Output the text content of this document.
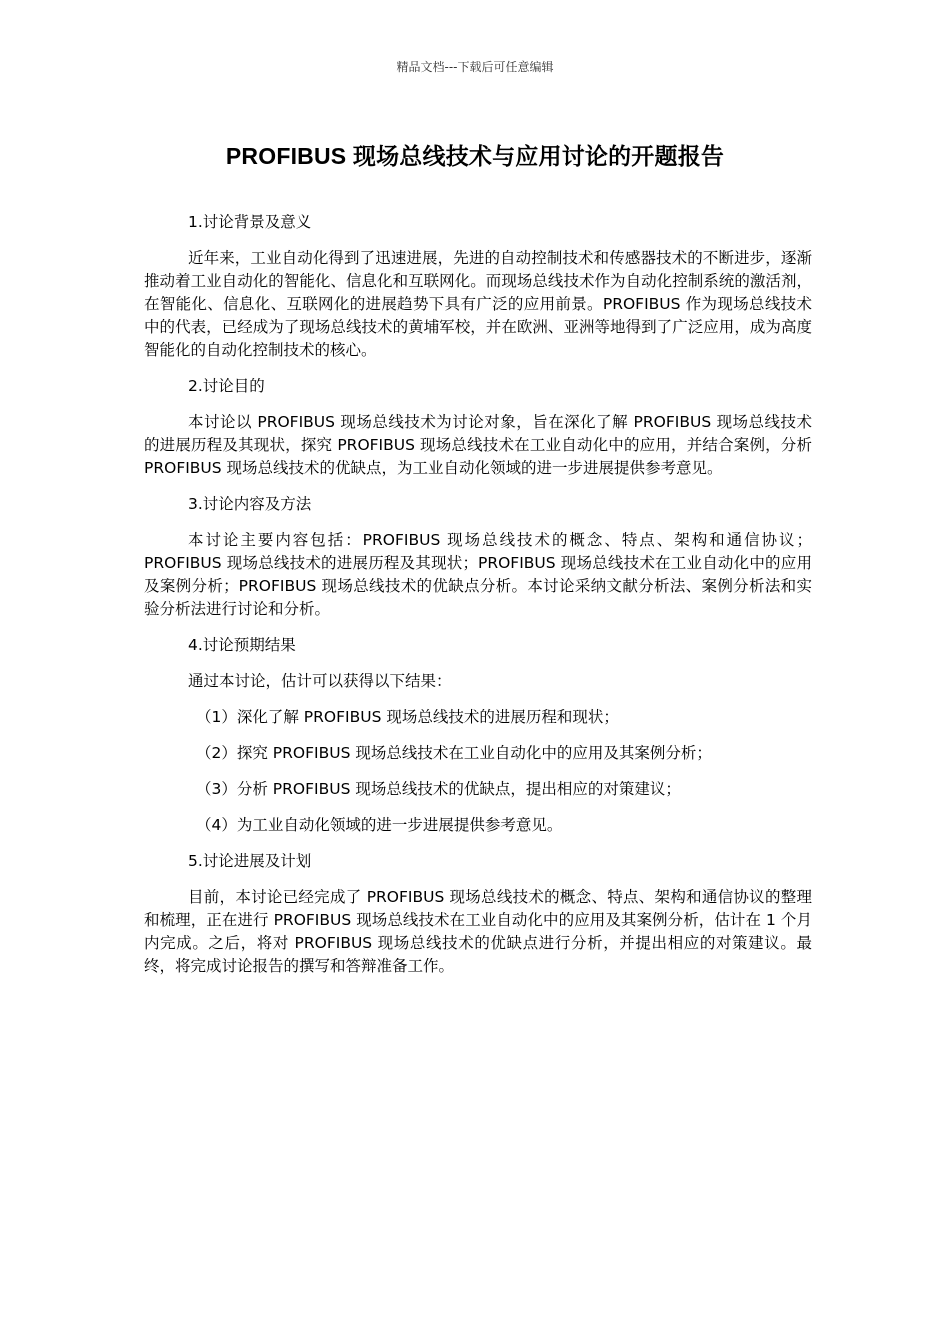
精品文档---下载后可任意编辑
PROFIBUS 现场总线技术与应用讨论的开题报告

1.讨论背景及意义

近年来，工业自动化得到了迅速进展，先进的自动控制技术和传感器技术的不断进步，逐渐推动着工业自动化的智能化、信息化和互联网化。而现场总线技术作为自动化控制系统的激活剂，在智能化、信息化、互联网化的进展趋势下具有广泛的应用前景。PROFIBUS 作为现场总线技术中的代表，已经成为了现场总线技术的黄埔军校，并在欧洲、亚洲等地得到了广泛应用，成为高度智能化的自动化控制技术的核心。

2.讨论目的

本讨论以 PROFIBUS 现场总线技术为讨论对象，旨在深化了解 PROFIBUS 现场总线技术的进展历程及其现状，探究 PROFIBUS 现场总线技术在工业自动化中的应用，并结合案例，分析 PROFIBUS 现场总线技术的优缺点，为工业自动化领域的进一步进展提供参考意见。

3.讨论内容及方法

本讨论主要内容包括：PROFIBUS 现场总线技术的概念、特点、架构和通信协议；PROFIBUS 现场总线技术的进展历程及其现状；PROFIBUS 现场总线技术在工业自动化中的应用及案例分析；PROFIBUS 现场总线技术的优缺点分析。本讨论采纳文献分析法、案例分析法和实验分析法进行讨论和分析。

4.讨论预期结果

通过本讨论，估计可以获得以下结果：

（1）深化了解 PROFIBUS 现场总线技术的进展历程和现状；

（2）探究 PROFIBUS 现场总线技术在工业自动化中的应用及其案例分析；

（3）分析 PROFIBUS 现场总线技术的优缺点，提出相应的对策建议；

（4）为工业自动化领域的进一步进展提供参考意见。

5.讨论进展及计划

目前，本讨论已经完成了 PROFIBUS 现场总线技术的概念、特点、架构和通信协议的整理和梳理，正在进行 PROFIBUS 现场总线技术在工业自动化中的应用及其案例分析，估计在 1 个月内完成。之后，将对 PROFIBUS 现场总线技术的优缺点进行分析，并提出相应的对策建议。最终，将完成讨论报告的撰写和答辩准备工作。
